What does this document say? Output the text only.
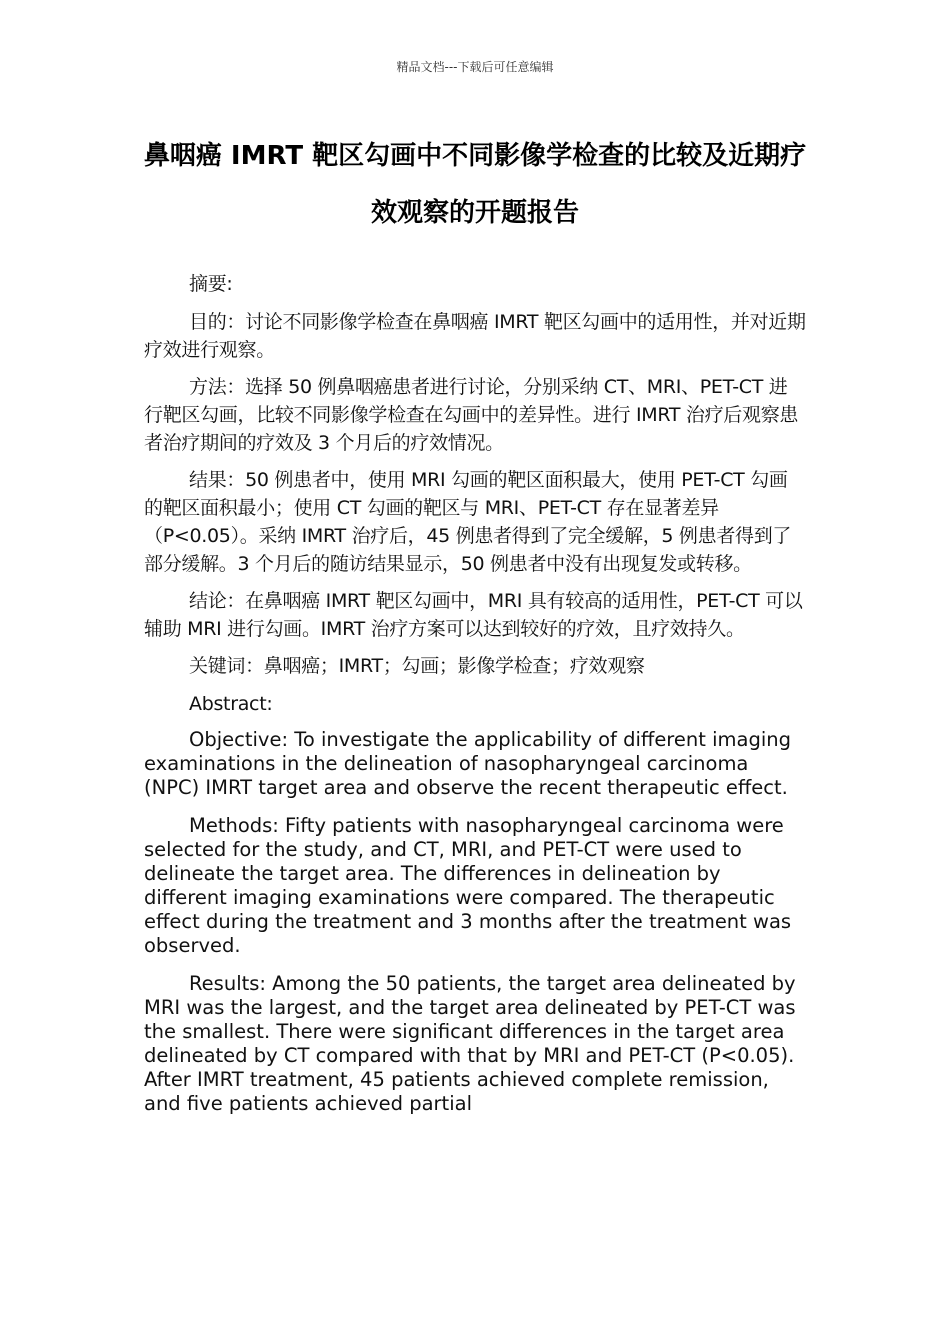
精品文档---下载后可任意编辑
鼻咽癌 IMRT 靶区勾画中不同影像学检查的比较及近期疗效观察的开题报告

摘要:

目的：讨论不同影像学检查在鼻咽癌 IMRT 靶区勾画中的适用性，并对近期疗效进行观察。

方法：选择 50 例鼻咽癌患者进行讨论，分别采纳 CT、MRI、PET-CT 进行靶区勾画，比较不同影像学检查在勾画中的差异性。进行 IMRT 治疗后观察患者治疗期间的疗效及 3 个月后的疗效情况。

结果：50 例患者中，使用 MRI 勾画的靶区面积最大，使用 PET-CT 勾画的靶区面积最小；使用 CT 勾画的靶区与 MRI、PET-CT 存在显著差异（P<0.05）。采纳 IMRT 治疗后，45 例患者得到了完全缓解，5 例患者得到了部分缓解。3 个月后的随访结果显示，50 例患者中没有出现复发或转移。

结论：在鼻咽癌 IMRT 靶区勾画中，MRI 具有较高的适用性，PET-CT 可以辅助 MRI 进行勾画。IMRT 治疗方案可以达到较好的疗效，且疗效持久。

关键词：鼻咽癌；IMRT；勾画；影像学检查；疗效观察

Abstract:

Objective: To investigate the applicability of different imaging examinations in the delineation of nasopharyngeal carcinoma (NPC) IMRT target area and observe the recent therapeutic effect.

Methods: Fifty patients with nasopharyngeal carcinoma were selected for the study, and CT, MRI, and PET-CT were used to delineate the target area. The differences in delineation by different imaging examinations were compared. The therapeutic effect during the treatment and 3 months after the treatment was observed.

Results: Among the 50 patients, the target area delineated by MRI was the largest, and the target area delineated by PET-CT was the smallest. There were significant differences in the target area delineated by CT compared with that by MRI and PET-CT (P<0.05). After IMRT treatment, 45 patients achieved complete remission, and five patients achieved partial
